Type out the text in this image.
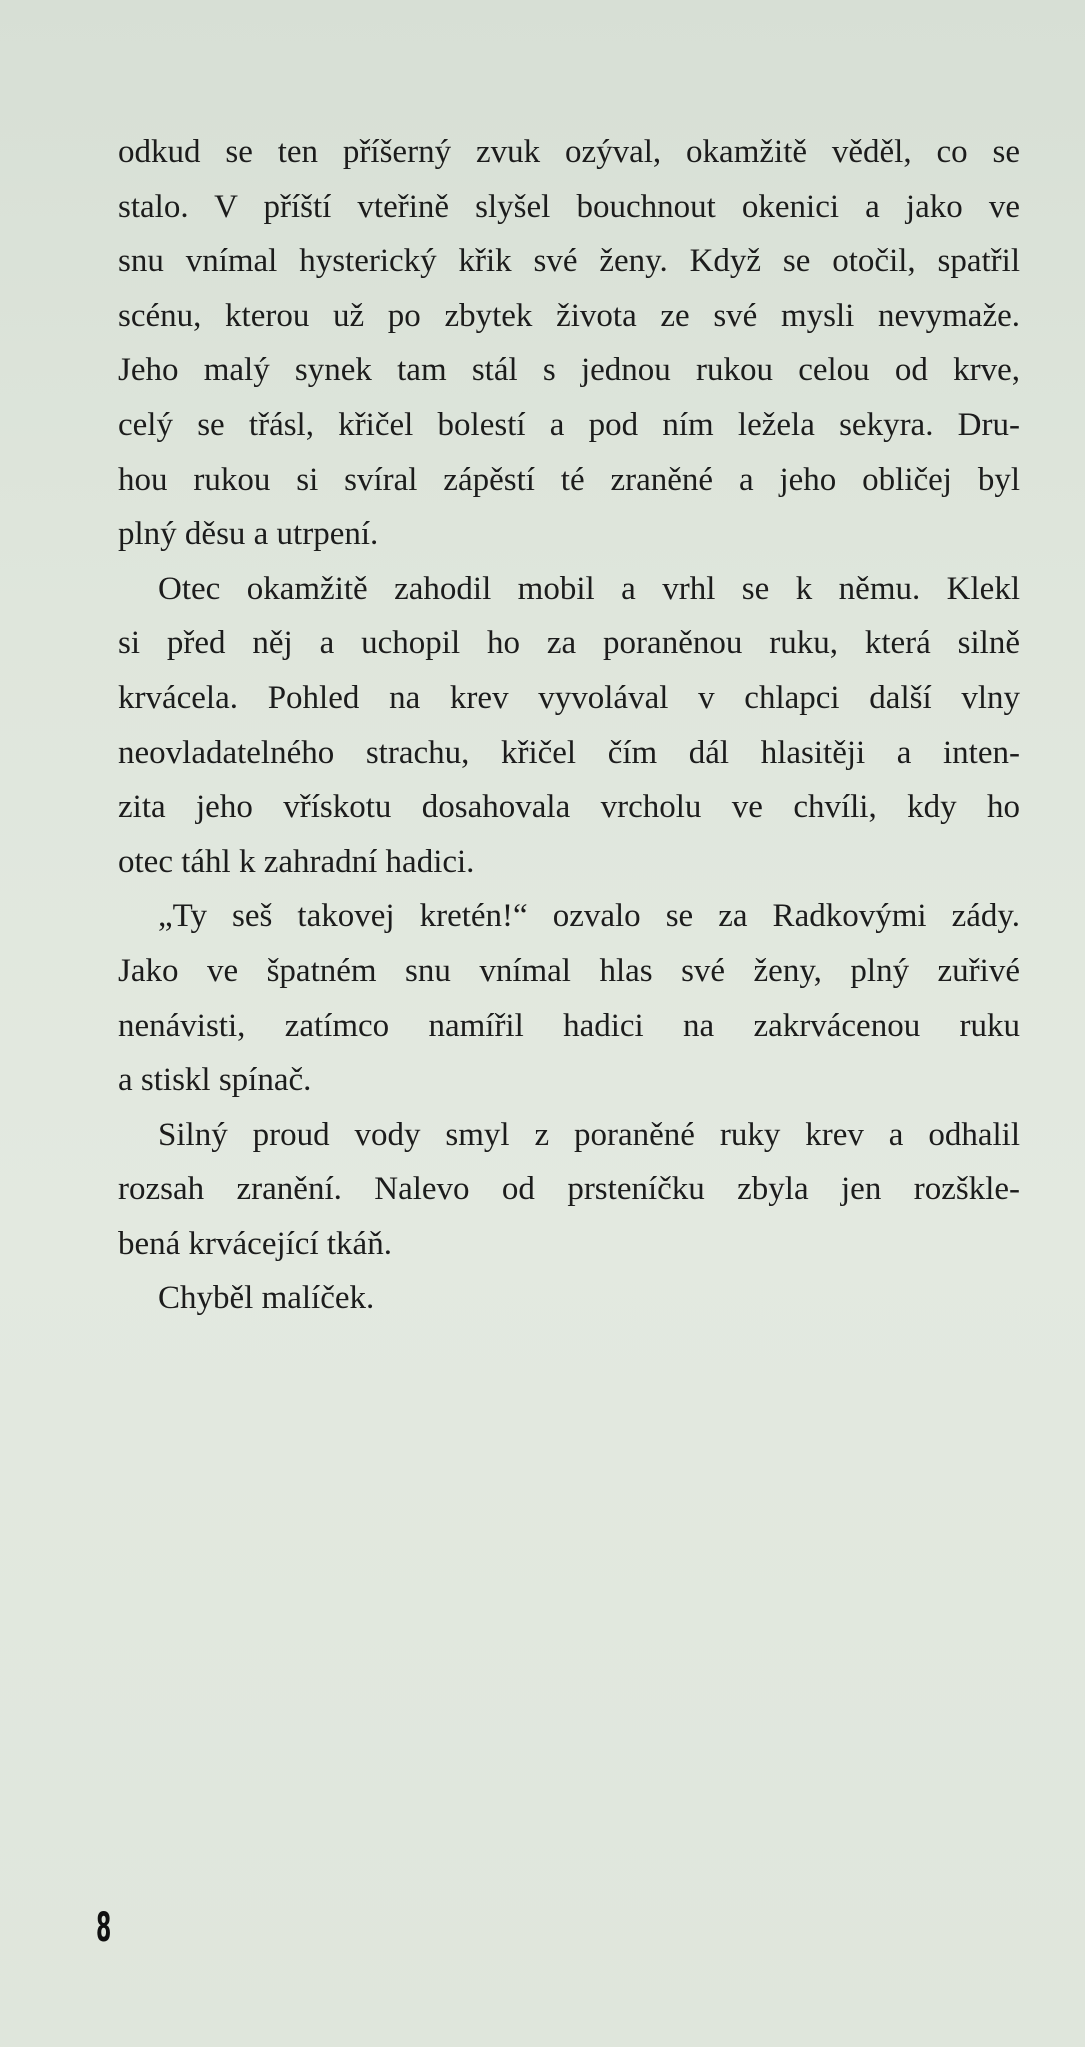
odkud se ten příšerný zvuk ozýval, okamžitě věděl, co se
stalo. V příští vteřině slyšel bouchnout okenici a jako ve
snu vnímal hysterický křik své ženy. Když se otočil, spatřil
scénu, kterou už po zbytek života ze své mysli nevymaže.
Jeho malý synek tam stál s jednou rukou celou od krve,
celý se třásl, křičel bolestí a pod ním ležela sekyra. Dru-
hou rukou si svíral zápěstí té zraněné a jeho obličej byl
plný děsu a utrpení.
Otec okamžitě zahodil mobil a vrhl se k němu. Klekl
si před něj a uchopil ho za poraněnou ruku, která silně
krvácela. Pohled na krev vyvolával v chlapci další vlny
neovladatelného strachu, křičel čím dál hlasitěji a inten-
zita jeho vřískotu dosahovala vrcholu ve chvíli, kdy ho
otec táhl k zahradní hadici.
„Ty seš takovej kretén!“ ozvalo se za Radkovými zády.
Jako ve špatném snu vnímal hlas své ženy, plný zuřivé
nenávisti, zatímco namířil hadici na zakrvácenou ruku
a stiskl spínač.
Silný proud vody smyl z poraněné ruky krev a odhalil
rozsah zranění. Nalevo od prsteníčku zbyla jen rozškle-
bená krvácející tkáň.
Chyběl malíček.
8
